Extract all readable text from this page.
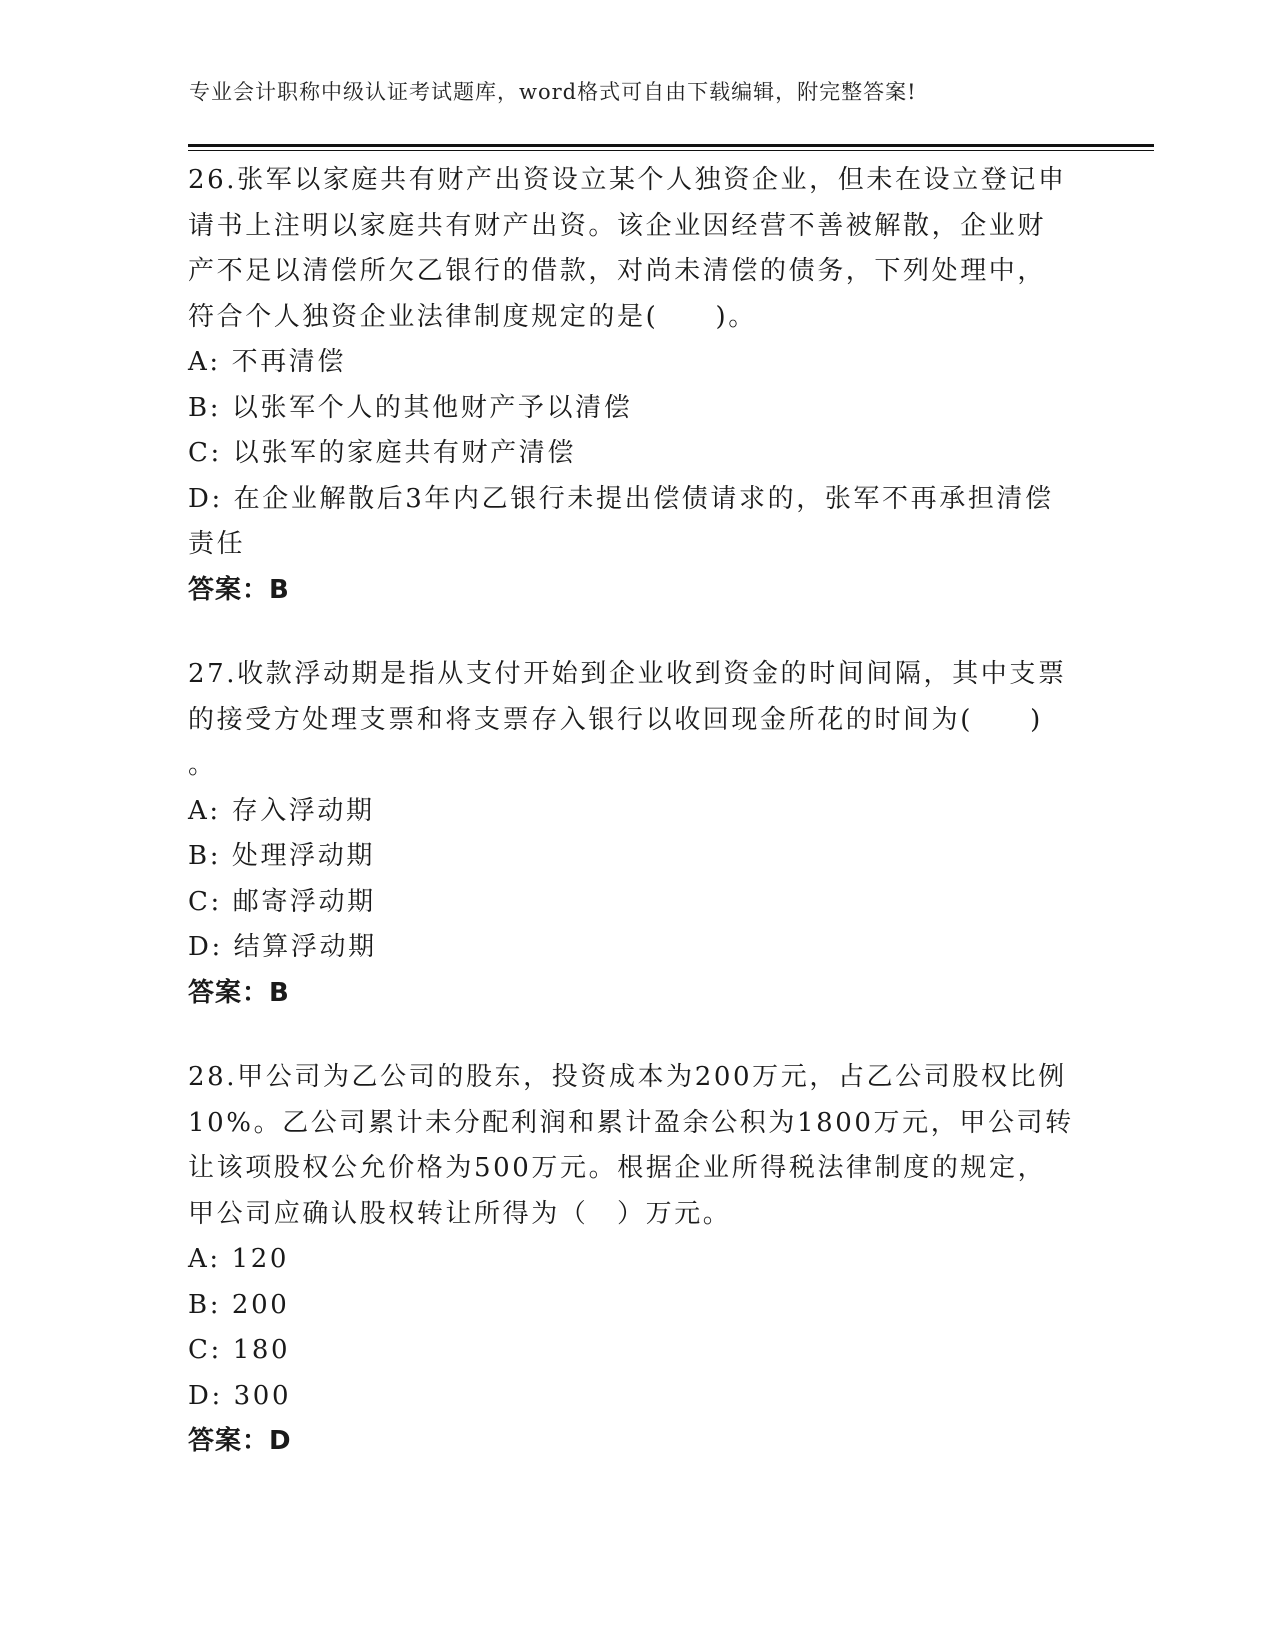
专业会计职称中级认证考试题库，word格式可自由下载编辑，附完整答案!
26.张军以家庭共有财产出资设立某个人独资企业，但未在设立登记申
请书上注明以家庭共有财产出资。该企业因经营不善被解散，企业财
产不足以清偿所欠乙银行的借款，对尚未清偿的债务，下列处理中，
符合个人独资企业法律制度规定的是(　　)。
A: 不再清偿
B: 以张军个人的其他财产予以清偿
C: 以张军的家庭共有财产清偿
D: 在企业解散后3年内乙银行未提出偿债请求的，张军不再承担清偿
责任
答案：B
27.收款浮动期是指从支付开始到企业收到资金的时间间隔，其中支票
的接受方处理支票和将支票存入银行以收回现金所花的时间为(　　)
。
A: 存入浮动期
B: 处理浮动期
C: 邮寄浮动期
D: 结算浮动期
答案：B
28.甲公司为乙公司的股东，投资成本为200万元，占乙公司股权比例
10%。乙公司累计未分配利润和累计盈余公积为1800万元，甲公司转
让该项股权公允价格为500万元。根据企业所得税法律制度的规定，
甲公司应确认股权转让所得为（　）万元。
A: 120
B: 200
C: 180
D: 300
答案：D
